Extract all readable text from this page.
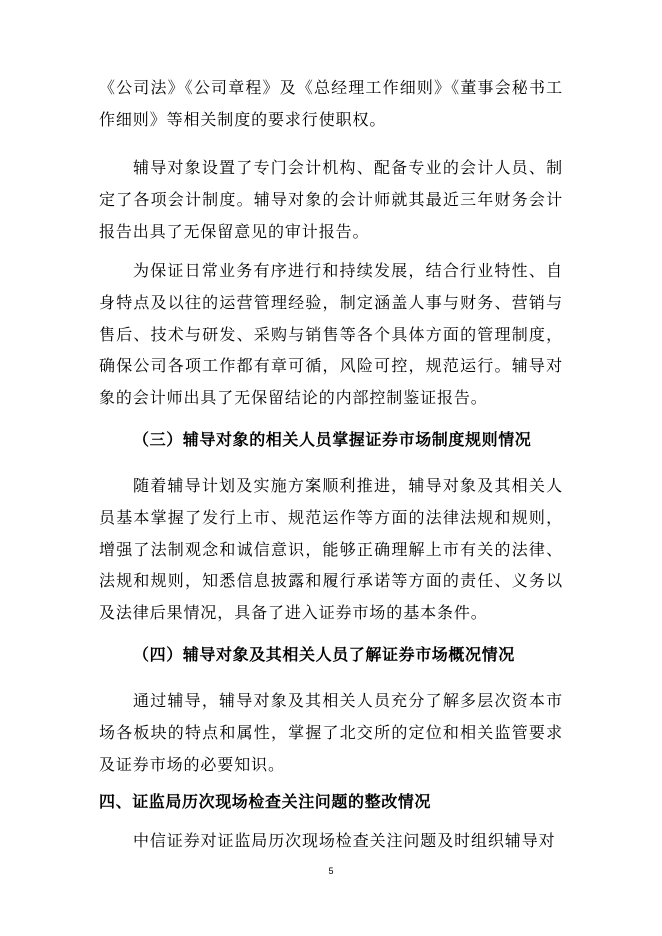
《公司法》《公司章程》及《总经理工作细则》《董事会秘书工作细则》等相关制度的要求行使职权。

辅导对象设置了专门会计机构、配备专业的会计人员、制定了各项会计制度。辅导对象的会计师就其最近三年财务会计报告出具了无保留意见的审计报告。

为保证日常业务有序进行和持续发展，结合行业特性、自身特点及以往的运营管理经验，制定涵盖人事与财务、营销与售后、技术与研发、采购与销售等各个具体方面的管理制度，确保公司各项工作都有章可循，风险可控，规范运行。辅导对象的会计师出具了无保留结论的内部控制鉴证报告。

（三）辅导对象的相关人员掌握证券市场制度规则情况

随着辅导计划及实施方案顺利推进，辅导对象及其相关人员基本掌握了发行上市、规范运作等方面的法律法规和规则，增强了法制观念和诚信意识，能够正确理解上市有关的法律、法规和规则，知悉信息披露和履行承诺等方面的责任、义务以及法律后果情况，具备了进入证券市场的基本条件。

（四）辅导对象及其相关人员了解证券市场概况情况

通过辅导，辅导对象及其相关人员充分了解多层次资本市场各板块的特点和属性，掌握了北交所的定位和相关监管要求及证券市场的必要知识。

四、证监局历次现场检查关注问题的整改情况

中信证券对证监局历次现场检查关注问题及时组织辅导对

5
